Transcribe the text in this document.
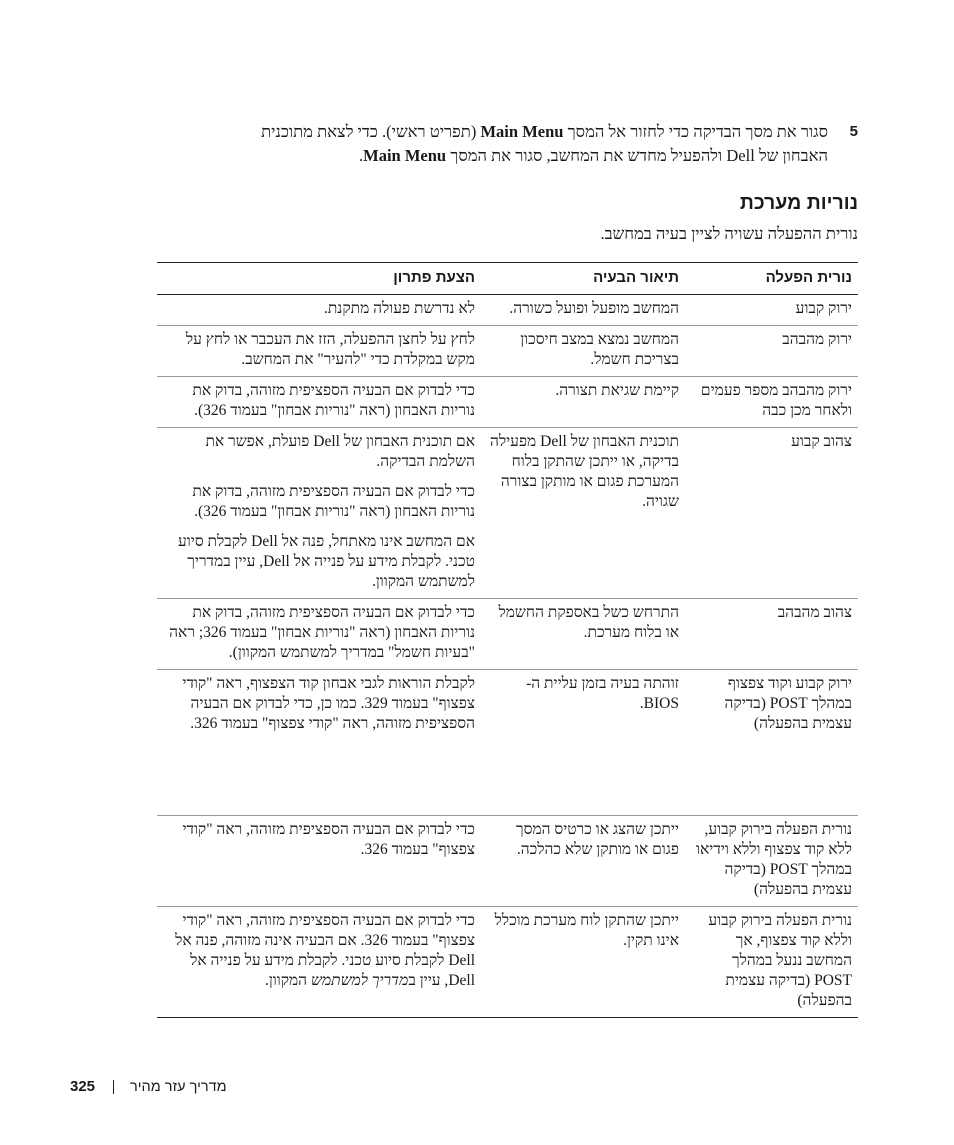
5
סגור את מסך הבדיקה כדי לחזור אל המסך Main Menu (תפריט ראשי). כדי לצאת מתוכנית
האבחון של Dell ולהפעיל מחדש את המחשב, סגור את המסך Main Menu.
נוריות מערכת
נורית ההפעלה עשויה לציין בעיה במחשב.
נורית הפעלה	תיאור הבעיה	הצעת פתרון
ירוק קבוע	המחשב מופעל ופועל כשורה.	לא נדרשת פעולה מתקנת.

ירוק מהבהב	המחשב נמצא במצב חיסכון בצריכת חשמל.	לחץ על לחצן ההפעלה, הזז את העכבר או לחץ על מקש במקלדת כדי "להעיר" את המחשב.

ירוק מהבהב מספר פעמים ולאחר מכן כבה	קיימת שגיאת תצורה.	כדי לבדוק אם הבעיה הספציפית מזוהה, בדוק את נוריות האבחון (ראה "נוריות אבחון" בעמוד 326).

צהוב קבוע	תוכנית האבחון של Dell מפעילה בדיקה, או ייתכן שהתקן בלוח המערכת פגום או מותקן בצורה שגויה.	אם תוכנית האבחון של Dell פועלת, אפשר את השלמת הבדיקה.

כדי לבדוק אם הבעיה הספציפית מזוהה, בדוק את נוריות האבחון (ראה "נוריות אבחון" בעמוד 326).

אם המחשב אינו מאתחל, פנה אל Dell לקבלת סיוע טכני. לקבלת מידע על פנייה אל Dell, עיין במדריך למשתמש המקוון.

צהוב מהבהב	התרחש כשל באספקת החשמל או בלוח מערכת.	כדי לבדוק אם הבעיה הספציפית מזוהה, בדוק את נוריות האבחון (ראה "נוריות אבחון" בעמוד 326; ראה "בעיות חשמל" במדריך למשתמש המקוון).

ירוק קבוע וקוד צפצוף במהלך POST (בדיקה עצמית בהפעלה)	זוהתה בעיה בזמן עליית ה-BIOS.	לקבלת הוראות לגבי אבחון קוד הצפצוף, ראה "קודי צפצוף" בעמוד 329. כמו כן, כדי לבדוק אם הבעיה הספציפית מזוהה, ראה "קודי צפצוף" בעמוד 326.

נורית הפעלה בירוק קבוע, ללא קוד צפצוף וללא וידיאו במהלך POST (בדיקה עצמית בהפעלה)	ייתכן שהצג או כרטיס המסך פגום או מותקן שלא כהלכה.	כדי לבדוק אם הבעיה הספציפית מזוהה, ראה "קודי צפצוף" בעמוד 326.

נורית הפעלה בירוק קבוע וללא קוד צפצוף, אך המחשב ננעל במהלך POST (בדיקה עצמית בהפעלה)	ייתכן שהתקן לוח מערכת מוכלל אינו תקין.	כדי לבדוק אם הבעיה הספציפית מזוהה, ראה "קודי צפצוף" בעמוד 326. אם הבעיה אינה מזוהה, פנה אל Dell לקבלת סיוע טכני. לקבלת מידע על פנייה אל Dell, עיין במדריך למשתמש המקוון.

325 מדריך עזר מהיר
